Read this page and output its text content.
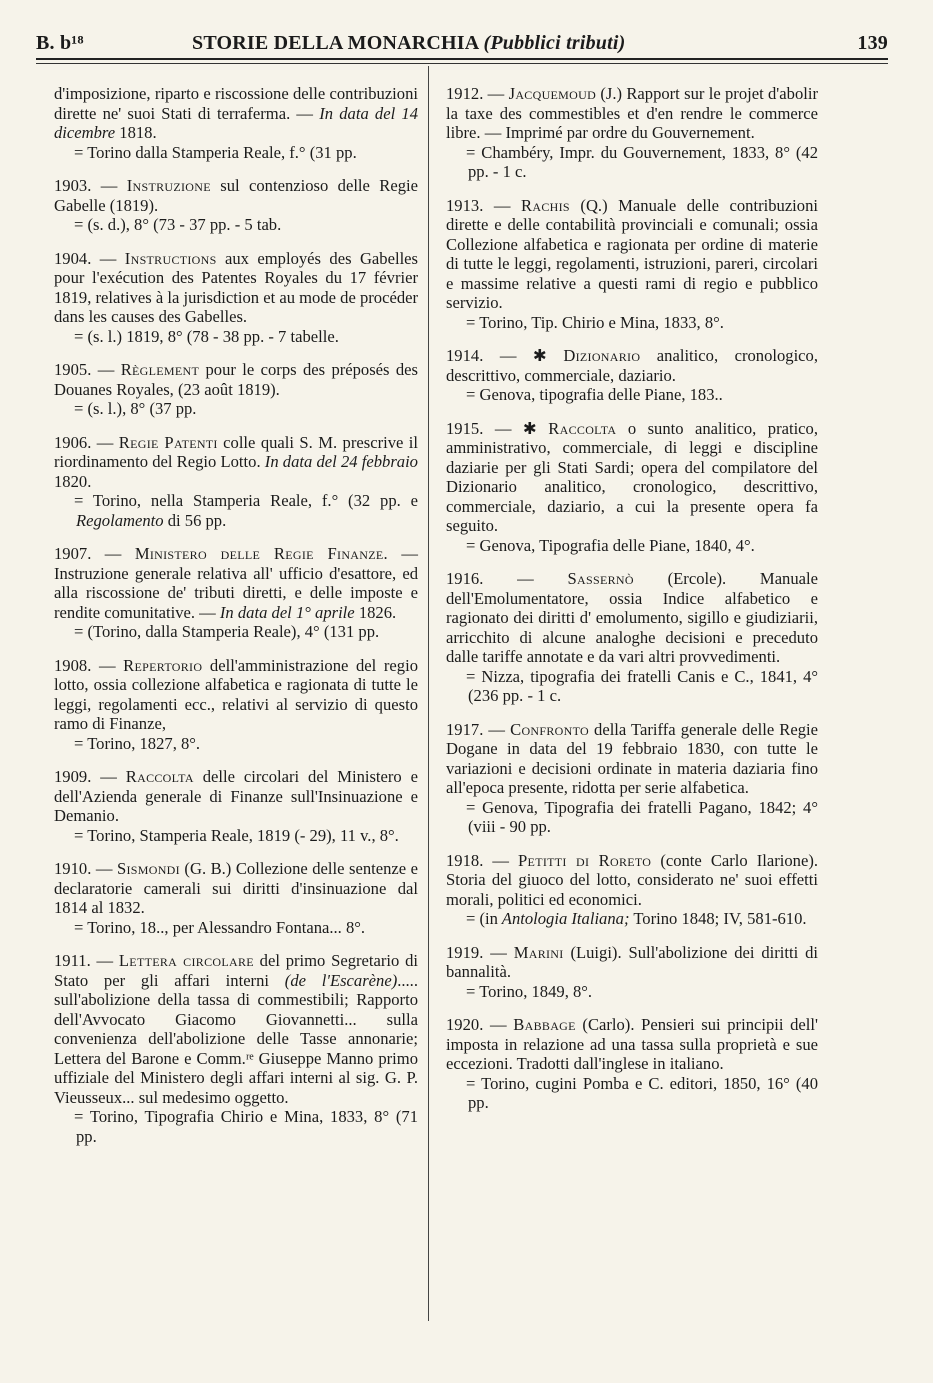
B. b¹⁸	STORIE DELLA MONARCHIA (Pubblici tributi)	139

d'imposizione, riparto e riscossione delle contribuzioni dirette ne' suoi Stati di terraferma. — In data del 14 dicembre 1818.

= Torino dalla Stamperia Reale, f.° (31 pp.

1903. — Instruzione sul contenzioso delle Regie Gabelle (1819).

= (s. d.), 8° (73 - 37 pp. - 5 tab.

1904. — Instructions aux employés des Gabelles pour l'exécution des Patentes Royales du 17 février 1819, relatives à la jurisdiction et au mode de procéder dans les causes des Gabelles.

= (s. l.) 1819, 8° (78 - 38 pp. - 7 tabelle.

1905. — Règlement pour le corps des préposés des Douanes Royales, (23 août 1819).

= (s. l.), 8° (37 pp.

1906. — Regie Patenti colle quali S. M. prescrive il riordinamento del Regio Lotto. In data del 24 febbraio 1820.

= Torino, nella Stamperia Reale, f.° (32 pp. e Regolamento di 56 pp.

1907. — Ministero delle Regie Finanze. — Instruzione generale relativa all' ufficio d'esattore, ed alla riscossione de' tributi diretti, e delle imposte e rendite comunitative. — In data del 1° aprile 1826.

= (Torino, dalla Stamperia Reale), 4° (131 pp.

1908. — Repertorio dell'amministrazione del regio lotto, ossia collezione alfabetica e ragionata di tutte le leggi, regolamenti ecc., relativi al servizio di questo ramo di Finanze,

= Torino, 1827, 8°.

1909. — Raccolta delle circolari del Ministero e dell'Azienda generale di Finanze sull'Insinuazione e Demanio.

= Torino, Stamperia Reale, 1819 (- 29), 11 v., 8°.

1910. — Sismondi (G. B.) Collezione delle sentenze e declaratorie camerali sui diritti d'insinuazione dal 1814 al 1832.

= Torino, 18.., per Alessandro Fontana... 8°.

1911. — Lettera circolare del primo Segretario di Stato per gli affari interni (de l'Escarène)..... sull'abolizione della tassa di commestibili; Rapporto dell'Avvocato Giacomo Giovannetti... sulla convenienza dell'abolizione delle Tasse annonarie; Lettera del Barone e Comm.ʳᵉ Giuseppe Manno primo uffiziale del Ministero degli affari interni al sig. G. P. Vieusseux... sul medesimo oggetto.

= Torino, Tipografia Chirio e Mina, 1833, 8° (71 pp.

1912. — Jacquemoud (J.) Rapport sur le projet d'abolir la taxe des commestibles et d'en rendre le commerce libre. — Imprimé par ordre du Gouvernement.

= Chambéry, Impr. du Gouvernement, 1833, 8° (42 pp. - 1 c.

1913. — Rachis (Q.) Manuale delle contribuzioni dirette e delle contabilità provinciali e comunali; ossia Collezione alfabetica e ragionata per ordine di materie di tutte le leggi, regolamenti, istruzioni, pareri, circolari e massime relative a questi rami di regio e pubblico servizio.

= Torino, Tip. Chirio e Mina, 1833, 8°.

1914. — ✱ Dizionario analitico, cronologico, descrittivo, commerciale, daziario.

= Genova, tipografia delle Piane, 183..

1915. — ✱ Raccolta o sunto analitico, pratico, amministrativo, commerciale, di leggi e discipline daziarie per gli Stati Sardi; opera del compilatore del Dizionario analitico, cronologico, descrittivo, commerciale, daziario, a cui la presente opera fa seguito.

= Genova, Tipografia delle Piane, 1840, 4°.

1916. — Sassernò (Ercole). Manuale dell'Emolumentatore, ossia Indice alfabetico e ragionato dei diritti d' emolumento, sigillo e giudiziarii, arricchito di alcune analoghe decisioni e preceduto dalle tariffe annotate e da vari altri provvedimenti.

= Nizza, tipografia dei fratelli Canis e C., 1841, 4° (236 pp. - 1 c.

1917. — Confronto della Tariffa generale delle Regie Dogane in data del 19 febbraio 1830, con tutte le variazioni e decisioni ordinate in materia daziaria fino all'epoca presente, ridotta per serie alfabetica.

= Genova, Tipografia dei fratelli Pagano, 1842; 4° (viii - 90 pp.

1918. — Petitti di Roreto (conte Carlo Ilarione). Storia del giuoco del lotto, considerato ne' suoi effetti morali, politici ed economici.

= (in Antologia Italiana; Torino 1848; IV, 581-610.

1919. — Marini (Luigi). Sull'abolizione dei diritti di bannalità.

= Torino, 1849, 8°.

1920. — Babbage (Carlo). Pensieri sui principii dell' imposta in relazione ad una tassa sulla proprietà e sue eccezioni. Tradotti dall'inglese in italiano.

= Torino, cugini Pomba e C. editori, 1850, 16° (40 pp.
